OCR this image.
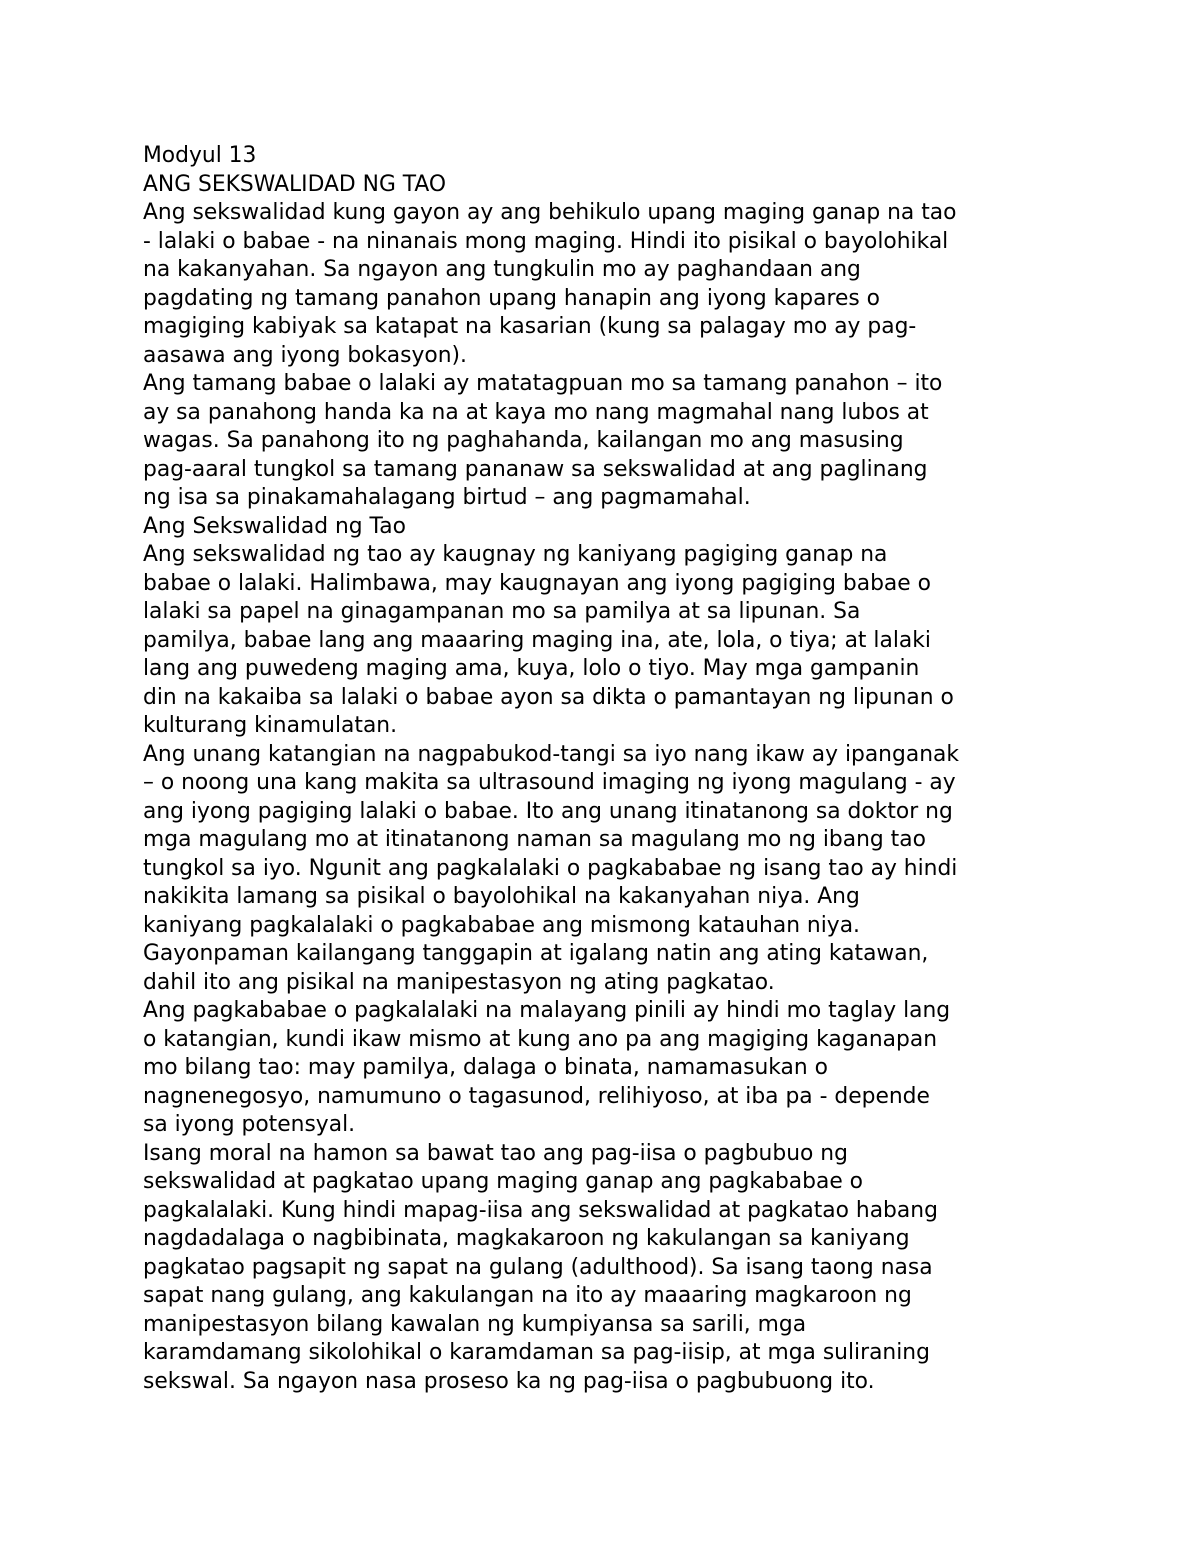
Modyul 13

ANG SEKSWALIDAD NG TAO

Ang sekswalidad kung gayon ay ang behikulo upang maging ganap na tao

- lalaki o babae - na ninanais mong maging. Hindi ito pisikal o bayolohikal

na kakanyahan. Sa ngayon ang tungkulin mo ay paghandaan ang

pagdating ng tamang panahon upang hanapin ang iyong kapares o

magiging kabiyak sa katapat na kasarian (kung sa palagay mo ay pag-

aasawa ang iyong bokasyon).

Ang tamang babae o lalaki ay matatagpuan mo sa tamang panahon – ito

ay sa panahong handa ka na at kaya mo nang magmahal nang lubos at

wagas. Sa panahong ito ng paghahanda, kailangan mo ang masusing

pag-aaral tungkol sa tamang pananaw sa sekswalidad at ang paglinang

ng isa sa pinakamahalagang birtud – ang pagmamahal.

Ang Sekswalidad ng Tao

Ang sekswalidad ng tao ay kaugnay ng kaniyang pagiging ganap na

babae o lalaki. Halimbawa, may kaugnayan ang iyong pagiging babae o

lalaki sa papel na ginagampanan mo sa pamilya at sa lipunan. Sa

pamilya, babae lang ang maaaring maging ina, ate, lola, o tiya; at lalaki

lang ang puwedeng maging ama, kuya, lolo o tiyo. May mga gampanin

din na kakaiba sa lalaki o babae ayon sa dikta o pamantayan ng lipunan o

kulturang kinamulatan.

Ang unang katangian na nagpabukod-tangi sa iyo nang ikaw ay ipanganak

– o noong una kang makita sa ultrasound imaging ng iyong magulang - ay

ang iyong pagiging lalaki o babae. Ito ang unang itinatanong sa doktor ng

mga magulang mo at itinatanong naman sa magulang mo ng ibang tao

tungkol sa iyo. Ngunit ang pagkalalaki o pagkababae ng isang tao ay hindi

nakikita lamang sa pisikal o bayolohikal na kakanyahan niya. Ang

kaniyang pagkalalaki o pagkababae ang mismong katauhan niya.

Gayonpaman kailangang tanggapin at igalang natin ang ating katawan,

dahil ito ang pisikal na manipestasyon ng ating pagkatao.

Ang pagkababae o pagkalalaki na malayang pinili ay hindi mo taglay lang

o katangian, kundi ikaw mismo at kung ano pa ang magiging kaganapan

mo bilang tao: may pamilya, dalaga o binata, namamasukan o

nagnenegosyo, namumuno o tagasunod, relihiyoso, at iba pa - depende

sa iyong potensyal.

Isang moral na hamon sa bawat tao ang pag-iisa o pagbubuo ng

sekswalidad at pagkatao upang maging ganap ang pagkababae o

pagkalalaki. Kung hindi mapag-iisa ang sekswalidad at pagkatao habang

nagdadalaga o nagbibinata, magkakaroon ng kakulangan sa kaniyang

pagkatao pagsapit ng sapat na gulang (adulthood). Sa isang taong nasa

sapat nang gulang, ang kakulangan na ito ay maaaring magkaroon ng

manipestasyon bilang kawalan ng kumpiyansa sa sarili, mga

karamdamang sikolohikal o karamdaman sa pag-iisip, at mga suliraning

sekswal. Sa ngayon nasa proseso ka ng pag-iisa o pagbubuong ito.
